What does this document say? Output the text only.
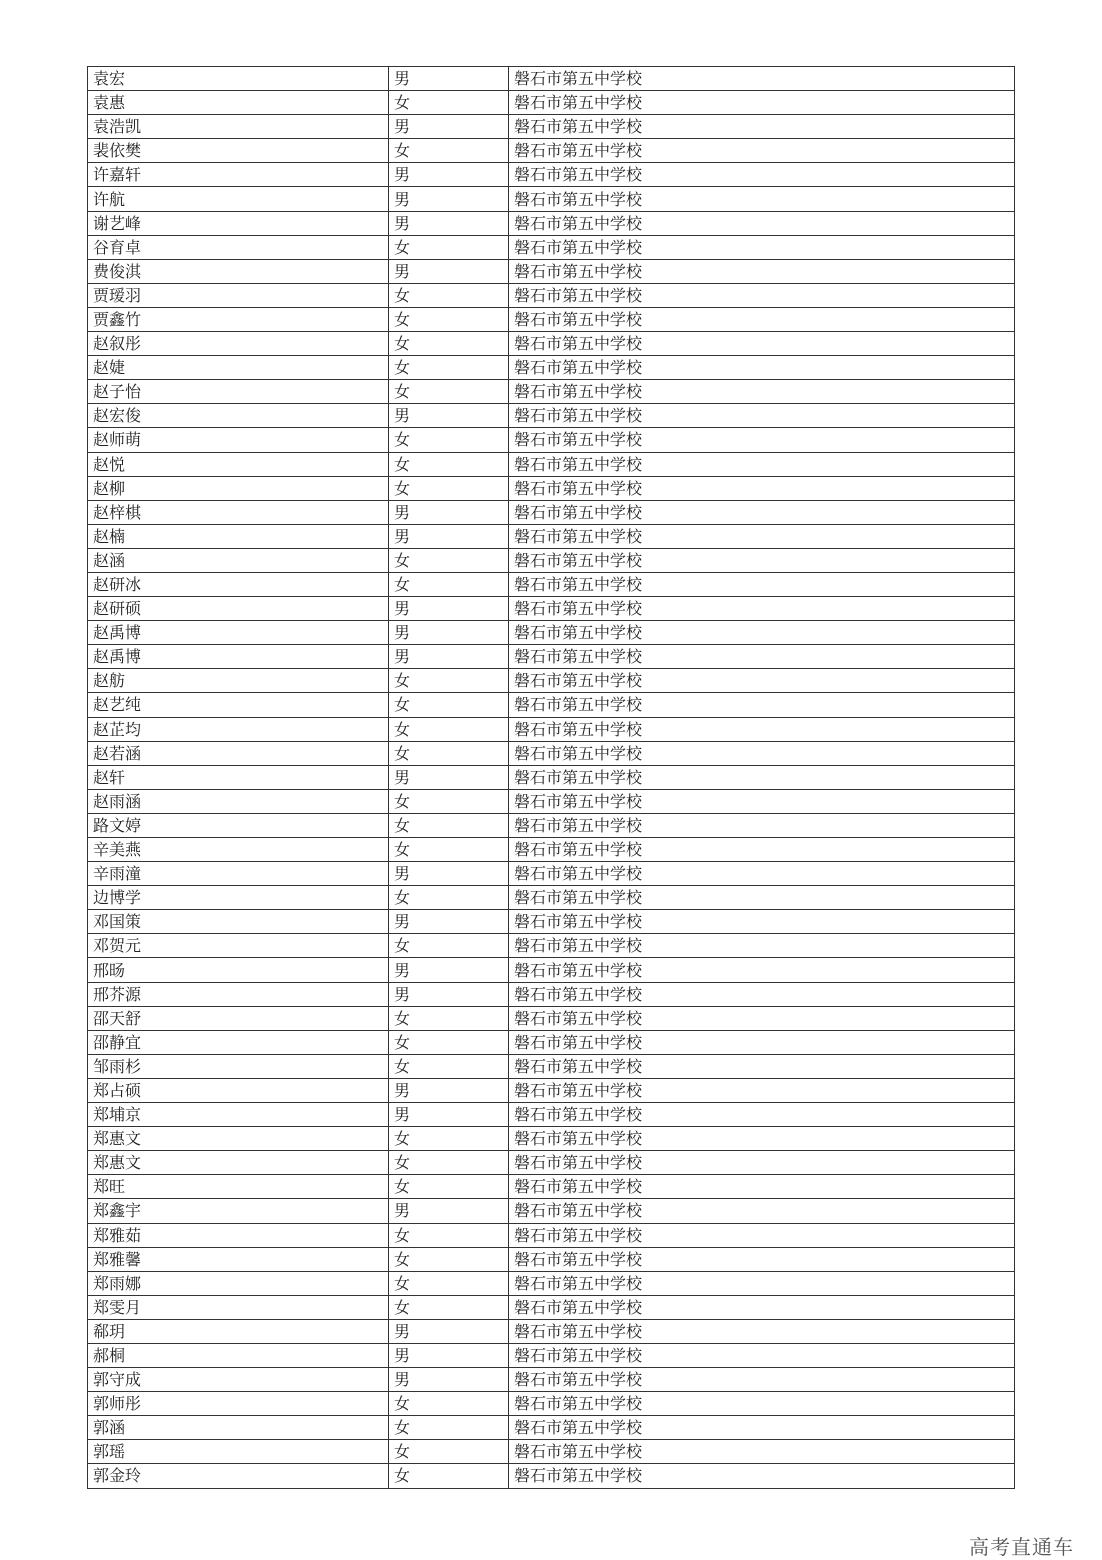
袁宏	男	磐石市第五中学校
袁惠	女	磐石市第五中学校
袁浩凯	男	磐石市第五中学校
裴依樊	女	磐石市第五中学校
许嘉轩	男	磐石市第五中学校
许航	男	磐石市第五中学校
谢艺峰	男	磐石市第五中学校
谷育卓	女	磐石市第五中学校
费俊淇	男	磐石市第五中学校
贾瑷羽	女	磐石市第五中学校
贾鑫竹	女	磐石市第五中学校
赵叙彤	女	磐石市第五中学校
赵婕	女	磐石市第五中学校
赵子怡	女	磐石市第五中学校
赵宏俊	男	磐石市第五中学校
赵师萌	女	磐石市第五中学校
赵悦	女	磐石市第五中学校
赵柳	女	磐石市第五中学校
赵梓棋	男	磐石市第五中学校
赵楠	男	磐石市第五中学校
赵涵	女	磐石市第五中学校
赵研冰	女	磐石市第五中学校
赵研硕	男	磐石市第五中学校
赵禹博	男	磐石市第五中学校
赵禹博	男	磐石市第五中学校
赵舫	女	磐石市第五中学校
赵艺纯	女	磐石市第五中学校
赵芷均	女	磐石市第五中学校
赵若涵	女	磐石市第五中学校
赵轩	男	磐石市第五中学校
赵雨涵	女	磐石市第五中学校
路文婷	女	磐石市第五中学校
辛美燕	女	磐石市第五中学校
辛雨潼	男	磐石市第五中学校
边博学	女	磐石市第五中学校
邓国策	男	磐石市第五中学校
邓贺元	女	磐石市第五中学校
邢旸	男	磐石市第五中学校
邢芥源	男	磐石市第五中学校
邵天舒	女	磐石市第五中学校
邵静宜	女	磐石市第五中学校
邹雨杉	女	磐石市第五中学校
郑占硕	男	磐石市第五中学校
郑埔京	男	磐石市第五中学校
郑惠文	女	磐石市第五中学校
郑惠文	女	磐石市第五中学校
郑旺	女	磐石市第五中学校
郑鑫宇	男	磐石市第五中学校
郑雅茹	女	磐石市第五中学校
郑雅馨	女	磐石市第五中学校
郑雨娜	女	磐石市第五中学校
郑雯月	女	磐石市第五中学校
郗玥	男	磐石市第五中学校
郝桐	男	磐石市第五中学校
郭守成	男	磐石市第五中学校
郭师彤	女	磐石市第五中学校
郭涵	女	磐石市第五中学校
郭瑶	女	磐石市第五中学校
郭金玲	女	磐石市第五中学校
高考直通车
